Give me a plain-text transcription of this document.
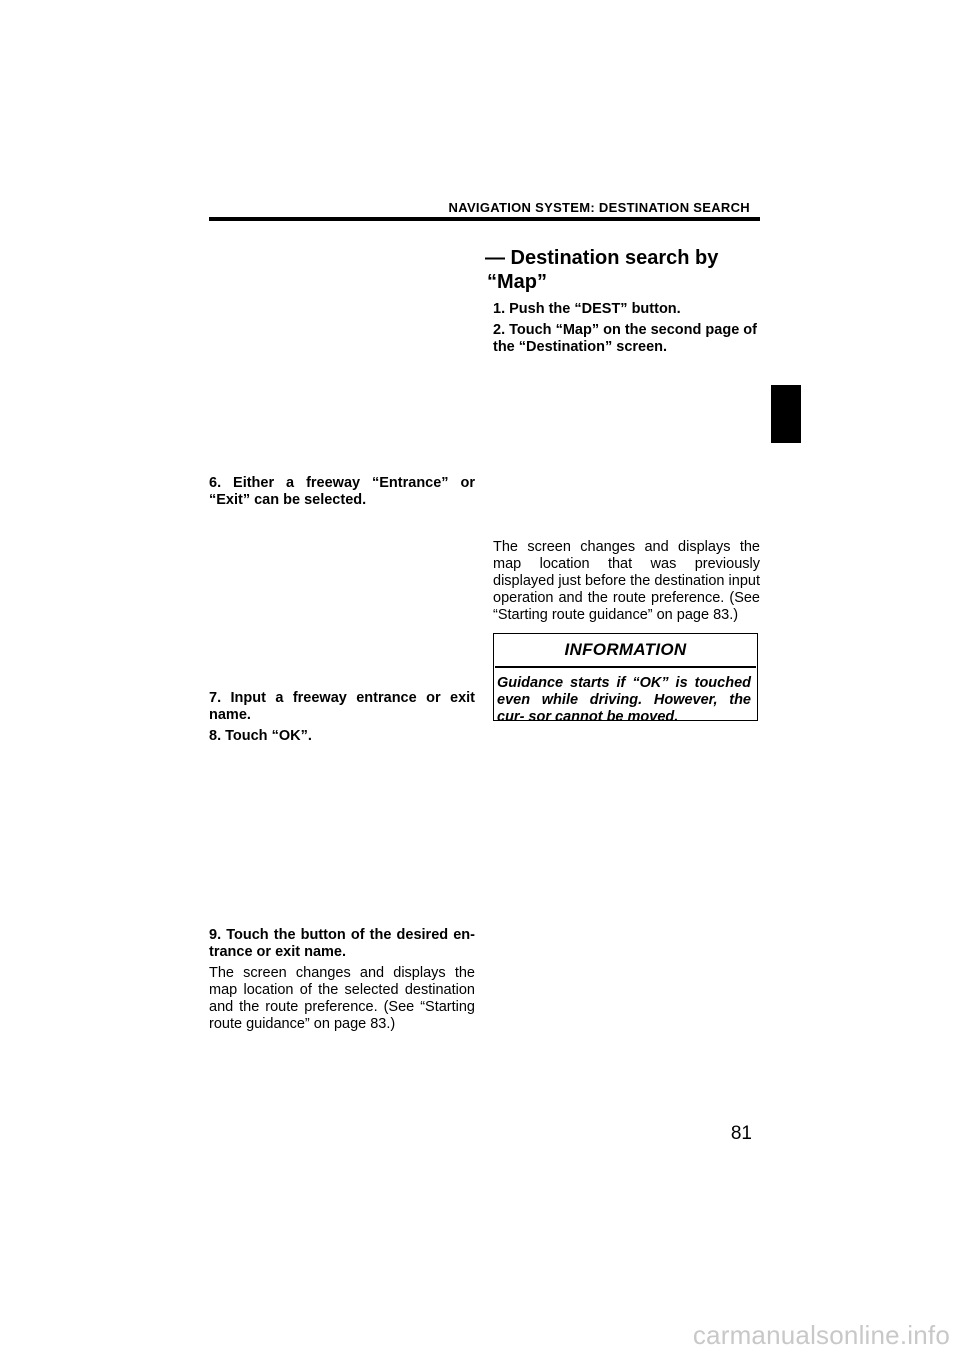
NAVIGATION SYSTEM: DESTINATION SEARCH
6. Either a freeway “Entrance” or “Exit” can be selected.
7. Input a freeway entrance or exit name.
8. Touch “OK”.
9. Touch the button of the desired en- trance or exit name.
The screen changes and displays the map location of the selected destination and the route preference. (See “Starting route guidance” on page 83.)
— Destination search by
“Map”
1. Push the “DEST” button.
2. Touch “Map” on the second page of the “Destination” screen.
The screen changes and displays the map location that was previously displayed just before the destination input operation and the route preference. (See “Starting route guidance” on page 83.)
INFORMATION
Guidance starts if “OK” is touched even while driving. However, the cur- sor cannot be moved.
81
carmanualsonline.info
